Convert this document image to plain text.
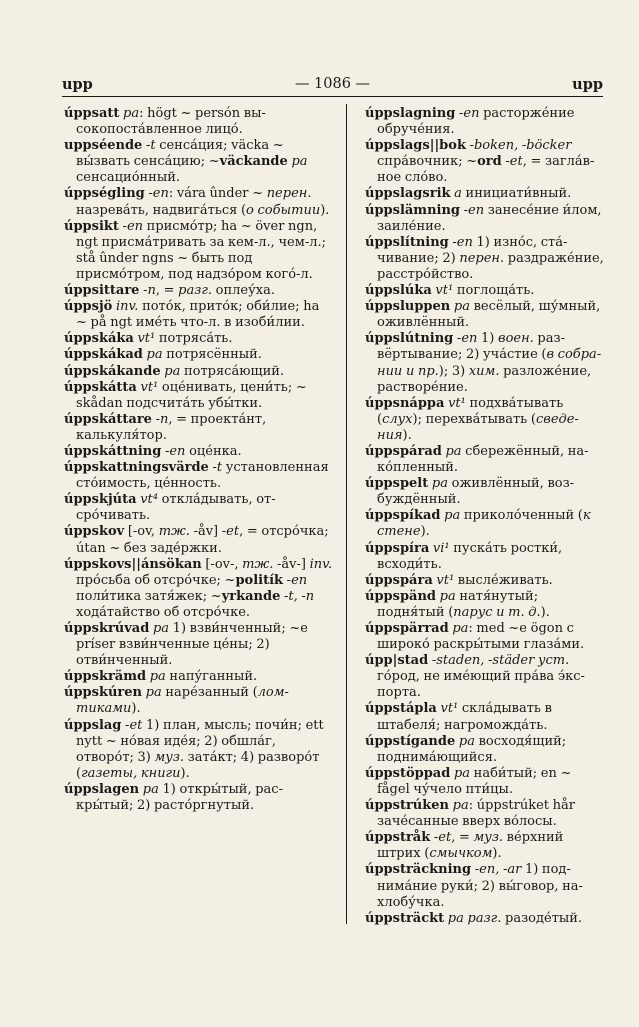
upp	— 1086 —	upp

úppsatt pa: högt ~ persón высокопоста́вленное лицо́.

uppséende -t сенса́ция; väcka ~ вы́звать сенса́цию; ~väckande pa сенсацио́нный.

úppségling -en: vára ûnder ~ перен. назрева́ть, надвига́ться (о событии).

úppsikt -en присмо́тр; ha ~ över ngn, ngt присма́тривать за кем-л., чем-л.; stå ûnder ngns ~ быть под присмо́тром, под надзо́ром кого́-л.

úppsittare -n, = разг. оплеу́ха.

úppsjö inv. пото́к, прито́к; оби́лие; ha ~ på ngt име́ть что-л. в изоби́лии.

úppskáka vt¹ потряса́ть.

úppskákad pa потрясённый.

úppskákande pa потряса́ющий.

úppskátta vt¹ оце́нивать, цени́ть; ~ skådan подсчита́ть убы́тки.

úppskáttare -n, = проекта́нт, калькуля́тор.

úppskáttning -en оце́нка.

úppskattningsvärde -t установленная сто́имость, це́нность.

úppskjúta vt⁴ откла́дывать, отсро́чивать.

úppskov [-ov, тж. -åv] -et, = отсро́чка; útan ~ без заде́ржки.

úppskovs||ánsökan [-ov-, тж. -åv-] inv. про́сьба об отсро́чке; ~politík -en поли́тика затя́жек; ~yrkande -t, -n хода́тайство об отсро́чке.

úppskrúvad pa 1) взви́нченный; ~e príser взви́нченные це́ны; 2) отви́нченный.

úppskrämd pa напу́ганный.

úppskúren pa наре́занный (ломтиками).

úppslag -et 1) план, мысль; почи́н; ett nytt ~ но́вая иде́я; 2) обшла́г, отворо́т; 3) муз. зата́кт; 4) разворо́т (газеты, книги).

úppslagen pa 1) откры́тый, раскры́тый; 2) расто́ргнутый.

úppslagning -en расторже́ние обруче́ния.

úppslags||bok -boken, -böcker спра́вочник; ~ord -et, = загла́вное сло́во.

úppslagsrik a инициати́вный.

úppslämning -en занесе́ние и́лом, заиле́ние.

úppslítning -en 1) изно́с, ста́чивание; 2) перен. раздраже́ние, расстро́йство.

úppslúka vt¹ поглоща́ть.

úppsluppen pa весёлый, шу́мный, оживлённый.

úppslútning -en 1) воен. развёртывание; 2) уча́стие (в собрании и пр.); 3) хим. разложе́ние, растворе́ние.

úppsnáppa vt¹ подхва́тывать (слух); перехва́тывать (сведения).

úppspárad pa сбережённый, нако́пленный.

úppspelt pa оживлённый, возбуждённый.

úppspíkad pa приколо́ченный (к стене).

úppspíra vi¹ пуска́ть ростки́, всходи́ть.

úppspára vt¹ высле́живать.

úppspänd pa натя́нутый; подня́тый (парус и т. д.).

úppspärrad pa: med ~e ögon с широко́ раскры́тыми глаза́ми.

úpp|stad -staden, -städer уст. го́род, не име́ющий пра́ва э́кспорта.

úppstápla vt¹ скла́дывать в штабеля́; нагроможда́ть.

úppstígande pa восходя́щий; поднима́ющийся.

úppstöppad pa наби́тый; en ~ fågel чу́чело пти́цы.

úppstrúken pa: úppstrúket hår заче́санные вверх во́лосы.

úppstråk -et, = муз. ве́рхний штрих (смычком).

úppsträckning -en, -ar 1) поднима́ние руки́; 2) вы́говор, нахлобу́чка.

úppsträckt pa разг. разоде́тый.
